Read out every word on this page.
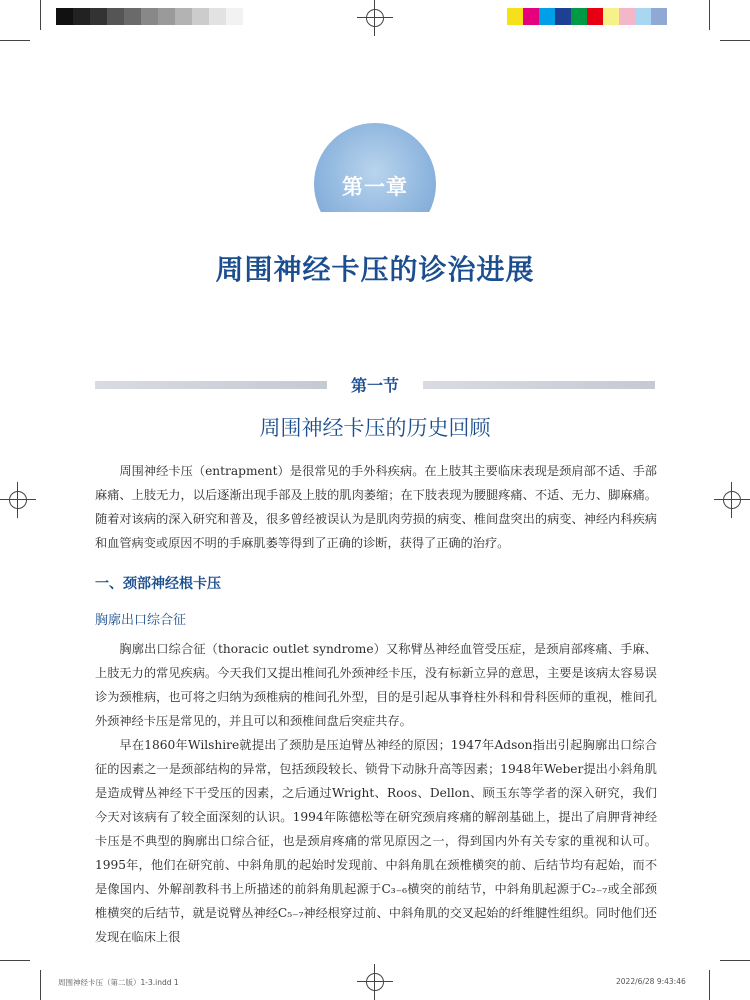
第一章
周围神经卡压的诊治进展
第一节
周围神经卡压的历史回顾

周围神经卡压（entrapment）是很常见的手外科疾病。在上肢其主要临床表现是颈肩部不适、手部麻痛、上肢无力，以后逐渐出现手部及上肢的肌肉萎缩；在下肢表现为腰腿疼痛、不适、无力、脚麻痛。随着对该病的深入研究和普及，很多曾经被误认为是肌肉劳损的病变、椎间盘突出的病变、神经内科疾病和血管病变或原因不明的手麻肌萎等得到了正确的诊断，获得了正确的治疗。

一、颈部神经根卡压
胸廓出口综合征

胸廓出口综合征（thoracic outlet syndrome）又称臂丛神经血管受压症，是颈肩部疼痛、手麻、上肢无力的常见疾病。今天我们又提出椎间孔外颈神经卡压，没有标新立异的意思，主要是该病太容易误诊为颈椎病，也可将之归纳为颈椎病的椎间孔外型，目的是引起从事脊柱外科和骨科医师的重视，椎间孔外颈神经卡压是常见的，并且可以和颈椎间盘后突症共存。

早在1860年Wilshire就提出了颈肋是压迫臂丛神经的原因；1947年Adson指出引起胸廓出口综合征的因素之一是颈部结构的异常，包括颈段较长、锁骨下动脉升高等因素；1948年Weber提出小斜角肌是造成臂丛神经下干受压的因素，之后通过Wright、Roos、Dellon、顾玉东等学者的深入研究，我们今天对该病有了较全面深刻的认识。1994年陈德松等在研究颈肩疼痛的解剖基础上，提出了肩胛背神经卡压是不典型的胸廓出口综合征，也是颈肩疼痛的常见原因之一，得到国内外有关专家的重视和认可。1995年，他们在研究前、中斜角肌的起始时发现前、中斜角肌在颈椎横突的前、后结节均有起始，而不是像国内、外解剖教科书上所描述的前斜角肌起源于C₃₋₆横突的前结节，中斜角肌起源于C₂₋₇或全部颈椎横突的后结节，就是说臂丛神经C₅₋₇神经根穿过前、中斜角肌的交叉起始的纤维腱性组织。同时他们还发现在临床上很

周围神经卡压（第二版）1-3.indd 1	2022/6/28 9:43:46
